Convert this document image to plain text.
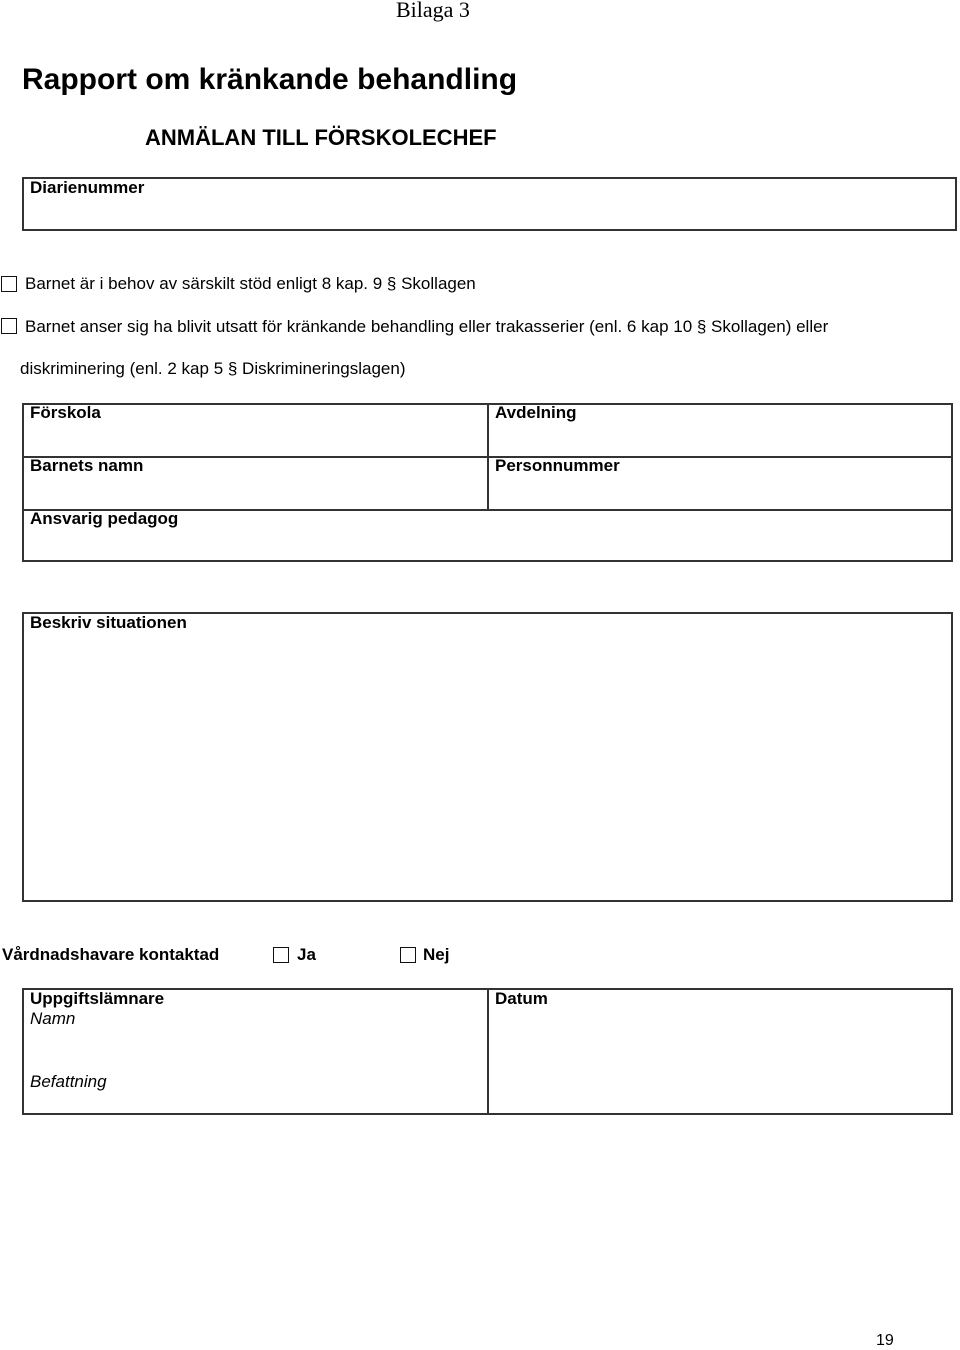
Bilaga 3
Rapport om kränkande behandling
ANMÄLAN TILL FÖRSKOLECHEF
Diarienummer
Barnet är i behov av särskilt stöd enligt 8 kap. 9 § Skollagen
Barnet anser sig ha blivit utsatt för kränkande behandling eller trakasserier (enl. 6 kap 10 § Skollagen) eller
diskriminering (enl. 2 kap 5 § Diskrimineringslagen)
Förskola	Avdelning
Barnets namn	Personnummer
Ansvarig pedagog
Beskriv situationen
Vårdnadshavare kontaktad	Ja	Nej
Uppgiftslämnare
Namn
Befattning
Datum
19
